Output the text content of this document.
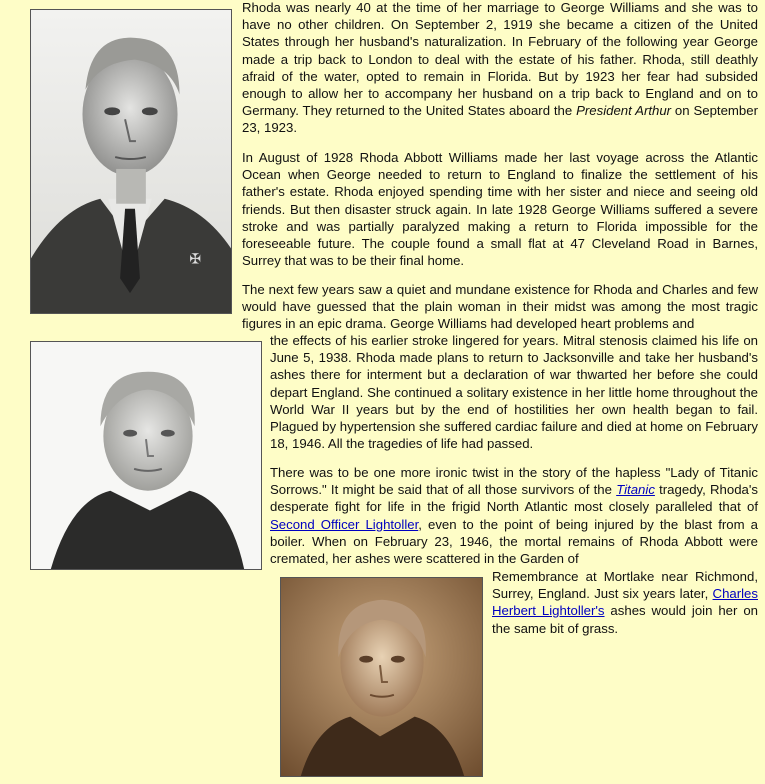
✠

Rhoda was nearly 40 at the time of her marriage to George Williams and she was to have no other children. On September 2, 1919 she became a citizen of the United States through her husband's naturalization. In February of the following year George made a trip back to London to deal with the estate of his father. Rhoda, still deathly afraid of the water, opted to remain in Florida. But by 1923 her fear had subsided enough to allow her to accompany her husband on a trip back to England and on to Germany. They returned to the United States aboard the President Arthur on September 23, 1923.

In August of 1928 Rhoda Abbott Williams made her last voyage across the Atlantic Ocean when George needed to return to England to finalize the settlement of his father's estate. Rhoda enjoyed spending time with her sister and niece and seeing old friends. But then disaster struck again. In late 1928 George Williams suffered a severe stroke and was partially paralyzed making a return to Florida impossible for the foreseeable future. The couple found a small flat at 47 Cleveland Road in Barnes, Surrey that was to be their final home.

The next few years saw a quiet and mundane existence for Rhoda and Charles and few would have guessed that the plain woman in their midst was among the most tragic figures in an epic drama. George Williams had developed heart problems and

the effects of his earlier stroke lingered for years. Mitral stenosis claimed his life on June 5, 1938. Rhoda made plans to return to Jacksonville and take her husband's ashes there for interment but a declaration of war thwarted her before she could depart England. She continued a solitary existence in her little home throughout the World War II years but by the end of hostilities her own health began to fail. Plagued by hypertension she suffered cardiac failure and died at home on February 18, 1946. All the tragedies of life had passed.

There was to be one more ironic twist in the story of the hapless "Lady of Titanic Sorrows." It might be said that of all those survivors of the Titanic tragedy, Rhoda's desperate fight for life in the frigid North Atlantic most closely paralleled that of Second Officer Lightoller, even to the point of being injured by the blast from a boiler. When on February 23, 1946, the mortal remains of Rhoda Abbott were cremated, her ashes were scattered in the Garden of

Remembrance at Mortlake near Richmond, Surrey, England. Just six years later, Charles Herbert Lightoller's ashes would join her on the same bit of grass.
